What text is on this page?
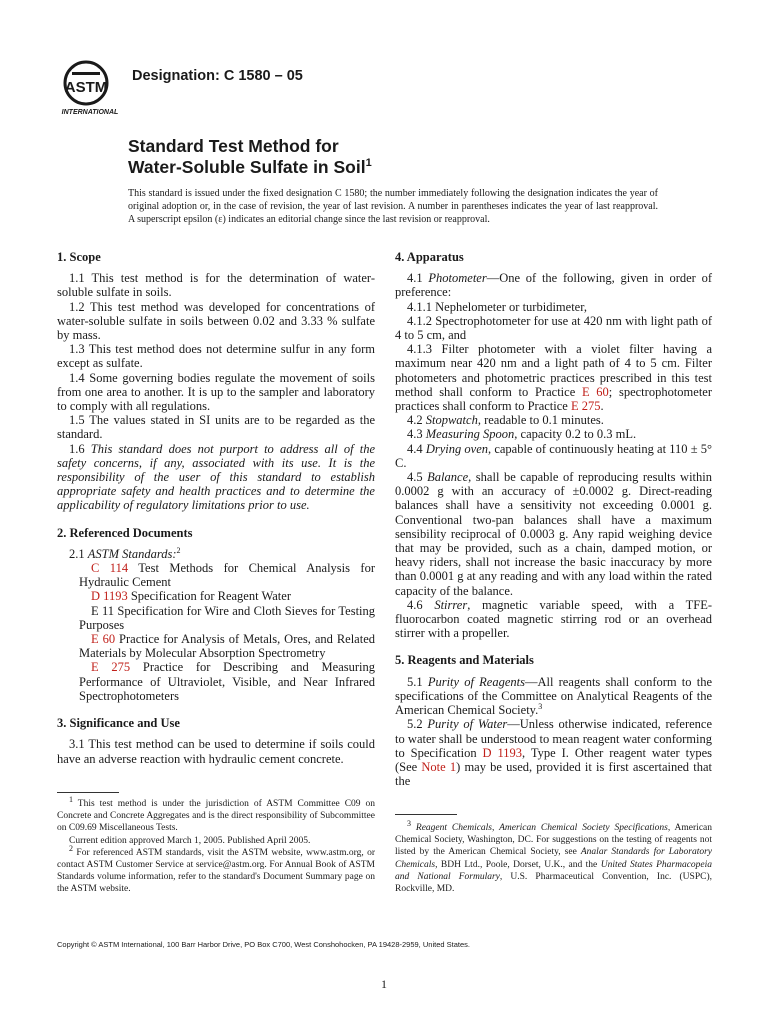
ASTM
INTERNATIONAL
Designation: C 1580 – 05
Standard Test Method for
Water-Soluble Sulfate in Soil$^1$
This standard is issued under the fixed designation C 1580; the number immediately following the designation indicates the year of original adoption or, in the case of revision, the year of last revision. A number in parentheses indicates the year of last reapproval. A superscript epsilon (ε) indicates an editorial change since the last revision or reapproval.
1. Scope

1.1 This test method is for the determination of water-soluble sulfate in soils.

1.2 This test method was developed for concentrations of water-soluble sulfate in soils between 0.02 and 3.33 % sulfate by mass.

1.3 This test method does not determine sulfur in any form except as sulfate.

1.4 Some governing bodies regulate the movement of soils from one area to another. It is up to the sampler and laboratory to comply with all regulations.

1.5 The values stated in SI units are to be regarded as the standard.

1.6 This standard does not purport to address all of the safety concerns, if any, associated with its use. It is the responsibility of the user of this standard to establish appropriate safety and health practices and to determine the applicability of regulatory limitations prior to use.

2. Referenced Documents

2.1 ASTM Standards:$^2$

C 114 Test Methods for Chemical Analysis for Hydraulic Cement

D 1193 Specification for Reagent Water

E 11 Specification for Wire and Cloth Sieves for Testing Purposes

E 60 Practice for Analysis of Metals, Ores, and Related Materials by Molecular Absorption Spectrometry

E 275 Practice for Describing and Measuring Performance of Ultraviolet, Visible, and Near Infrared Spectrophotometers

3. Significance and Use

3.1 This test method can be used to determine if soils could have an adverse reaction with hydraulic cement concrete.

4. Apparatus

4.1 Photometer—One of the following, given in order of preference:

4.1.1 Nephelometer or turbidimeter,

4.1.2 Spectrophotometer for use at 420 nm with light path of 4 to 5 cm, and

4.1.3 Filter photometer with a violet filter having a maximum near 420 nm and a light path of 4 to 5 cm. Filter photometers and photometric practices prescribed in this test method shall conform to Practice E 60; spectrophotometer practices shall conform to Practice E 275.

4.2 Stopwatch, readable to 0.1 minutes.

4.3 Measuring Spoon, capacity 0.2 to 0.3 mL.

4.4 Drying oven, capable of continuously heating at 110 ± 5° C.

4.5 Balance, shall be capable of reproducing results within 0.0002 g with an accuracy of ±0.0002 g. Direct-reading balances shall have a sensitivity not exceeding 0.0001 g. Conventional two-pan balances shall have a maximum sensibility reciprocal of 0.0003 g. Any rapid weighing device that may be provided, such as a chain, damped motion, or heavy riders, shall not increase the basic inaccuracy by more than 0.0001 g at any reading and with any load within the rated capacity of the balance.

4.6 Stirrer, magnetic variable speed, with a TFE-fluorocarbon coated magnetic stirring rod or an overhead stirrer with a propeller.

5. Reagents and Materials

5.1 Purity of Reagents—All reagents shall conform to the specifications of the Committee on Analytical Reagents of the American Chemical Society.$^3$

5.2 Purity of Water—Unless otherwise indicated, reference to water shall be understood to mean reagent water conforming to Specification D 1193, Type I. Other reagent water types (See Note 1) may be used, provided it is first ascertained that the

$^1$ This test method is under the jurisdiction of ASTM Committee C09 on Concrete and Concrete Aggregates and is the direct responsibility of Subcommittee on C09.69 Miscellaneous Tests.

Current edition approved March 1, 2005. Published April 2005.

$^2$ For referenced ASTM standards, visit the ASTM website, www.astm.org, or contact ASTM Customer Service at service@astm.org. For Annual Book of ASTM Standards volume information, refer to the standard's Document Summary page on the ASTM website.

$^3$ Reagent Chemicals, American Chemical Society Specifications, American Chemical Society, Washington, DC. For suggestions on the testing of reagents not listed by the American Chemical Society, see Analar Standards for Laboratory Chemicals, BDH Ltd., Poole, Dorset, U.K., and the United States Pharmacopeia and National Formulary, U.S. Pharmaceutical Convention, Inc. (USPC), Rockville, MD.

Copyright © ASTM International, 100 Barr Harbor Drive, PO Box C700, West Conshohocken, PA 19428-2959, United States.
1
